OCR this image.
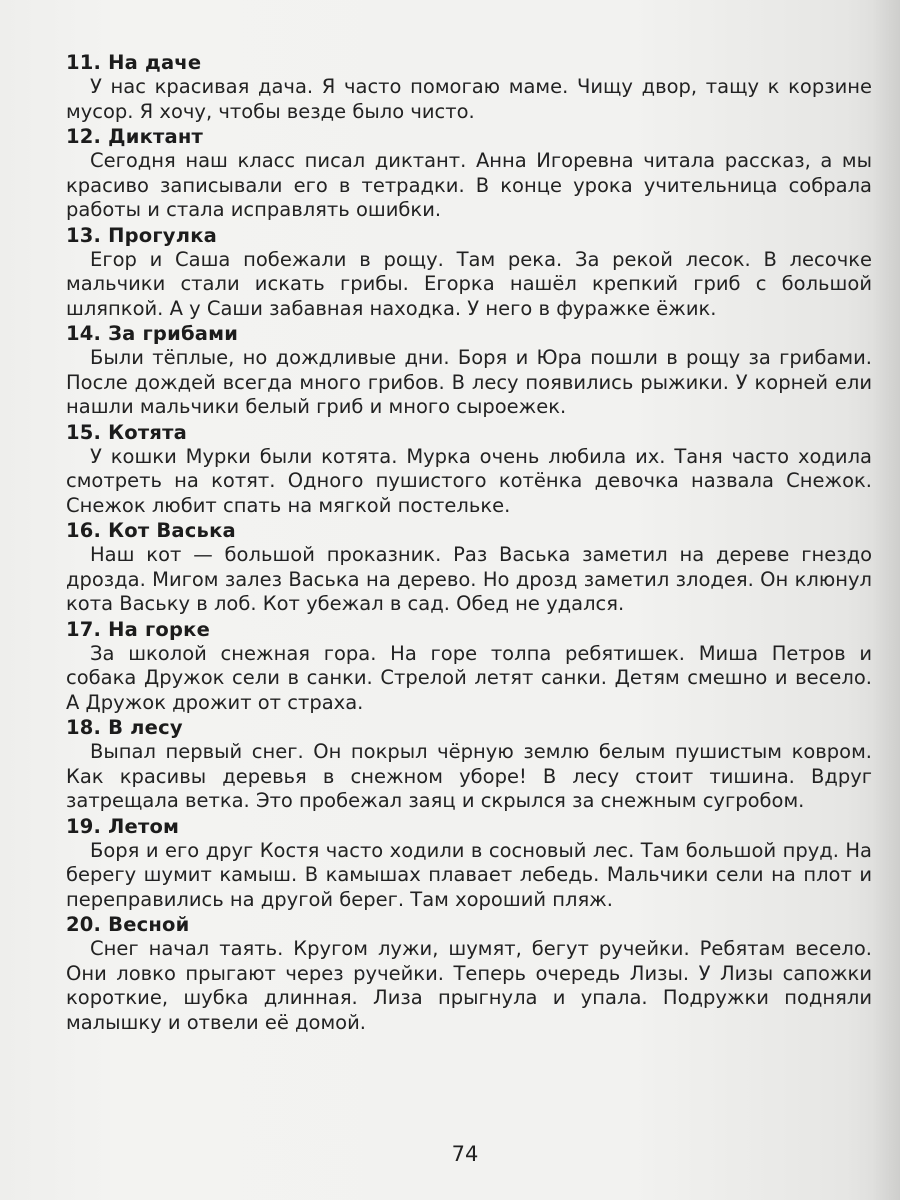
11. На даче

У нас красивая дача. Я часто помогаю маме. Чищу двор, тащу к корзине мусор. Я хочу, чтобы везде было чисто.

12. Диктант

Сегодня наш класс писал диктант. Анна Игоревна читала рассказ, а мы красиво записывали его в тетрадки. В конце урока учительница собрала работы и стала исправлять ошибки.

13. Прогулка

Егор и Саша побежали в рощу. Там река. За рекой лесок. В лесочке мальчики стали искать грибы. Егорка нашёл крепкий гриб с большой шляпкой. А у Саши забавная находка. У него в фуражке ёжик.

14. За грибами

Были тёплые, но дождливые дни. Боря и Юра пошли в рощу за грибами. После дождей всегда много грибов. В лесу появились рыжики. У корней ели нашли мальчики белый гриб и много сыроежек.

15. Котята

У кошки Мурки были котята. Мурка очень любила их. Таня часто ходила смотреть на котят. Одного пушистого котёнка девочка назвала Снежок. Снежок любит спать на мягкой постельке.

16. Кот Васька

Наш кот — большой проказник. Раз Васька заметил на дереве гнездо дрозда. Мигом залез Васька на дерево. Но дрозд заметил злодея. Он клюнул кота Ваську в лоб. Кот убежал в сад. Обед не удался.

17. На горке

За школой снежная гора. На горе толпа ребятишек. Миша Петров и собака Дружок сели в санки. Стрелой летят санки. Детям смешно и весело. А Дружок дрожит от страха.

18. В лесу

Выпал первый снег. Он покрыл чёрную землю белым пушистым ковром. Как красивы деревья в снежном уборе! В лесу стоит тишина. Вдруг затрещала ветка. Это пробежал заяц и скрылся за снежным сугробом.

19. Летом

Боря и его друг Костя часто ходили в сосновый лес. Там большой пруд. На берегу шумит камыш. В камышах плавает лебедь. Мальчики сели на плот и переправились на другой берег. Там хороший пляж.

20. Весной

Снег начал таять. Кругом лужи, шумят, бегут ручейки. Ребятам весело. Они ловко прыгают через ручейки. Теперь очередь Лизы. У Лизы сапожки короткие, шубка длинная. Лиза прыгнула и упала. Подружки подняли малышку и отвели её домой.

74
